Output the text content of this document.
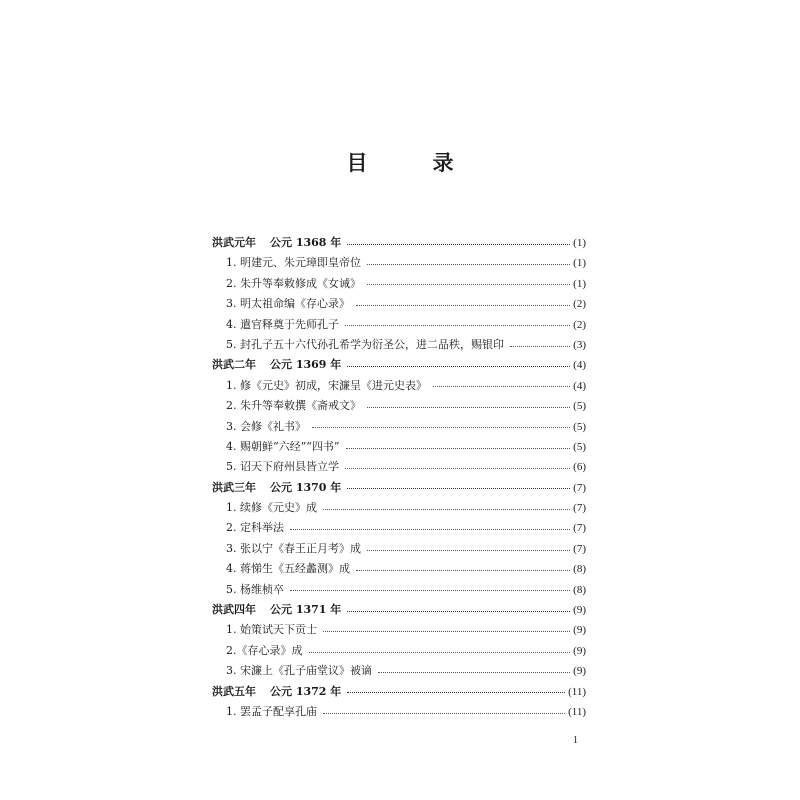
目　录
洪武元年 公元 1368 年	(1)
1. 明建元、朱元璋即皇帝位	(1)
2. 朱升等奉敕修成《女诫》	(1)
3. 明太祖命编《存心录》	(2)
4. 遣官释奠于先师孔子	(2)
5. 封孔子五十六代孙孔希学为衍圣公，进二品秩，赐银印	(3)
洪武二年 公元 1369 年	(4)
1. 修《元史》初成，宋濂呈《进元史表》	(4)
2. 朱升等奉敕撰《斋戒文》	(5)
3. 会修《礼书》	(5)
4. 赐朝鲜“六经”“四书”	(5)
5. 诏天下府州县皆立学	(6)
洪武三年 公元 1370 年	(7)
1. 续修《元史》成	(7)
2. 定科举法	(7)
3. 张以宁《春王正月考》成	(7)
4. 蒋悌生《五经蠡测》成	(8)
5. 杨维桢卒	(8)
洪武四年 公元 1371 年	(9)
1. 始策试天下贡士	(9)
2.《存心录》成	(9)
3. 宋濂上《孔子庙堂议》被谪	(9)
洪武五年 公元 1372 年	(11)
1. 罢孟子配享孔庙	(11)
1
